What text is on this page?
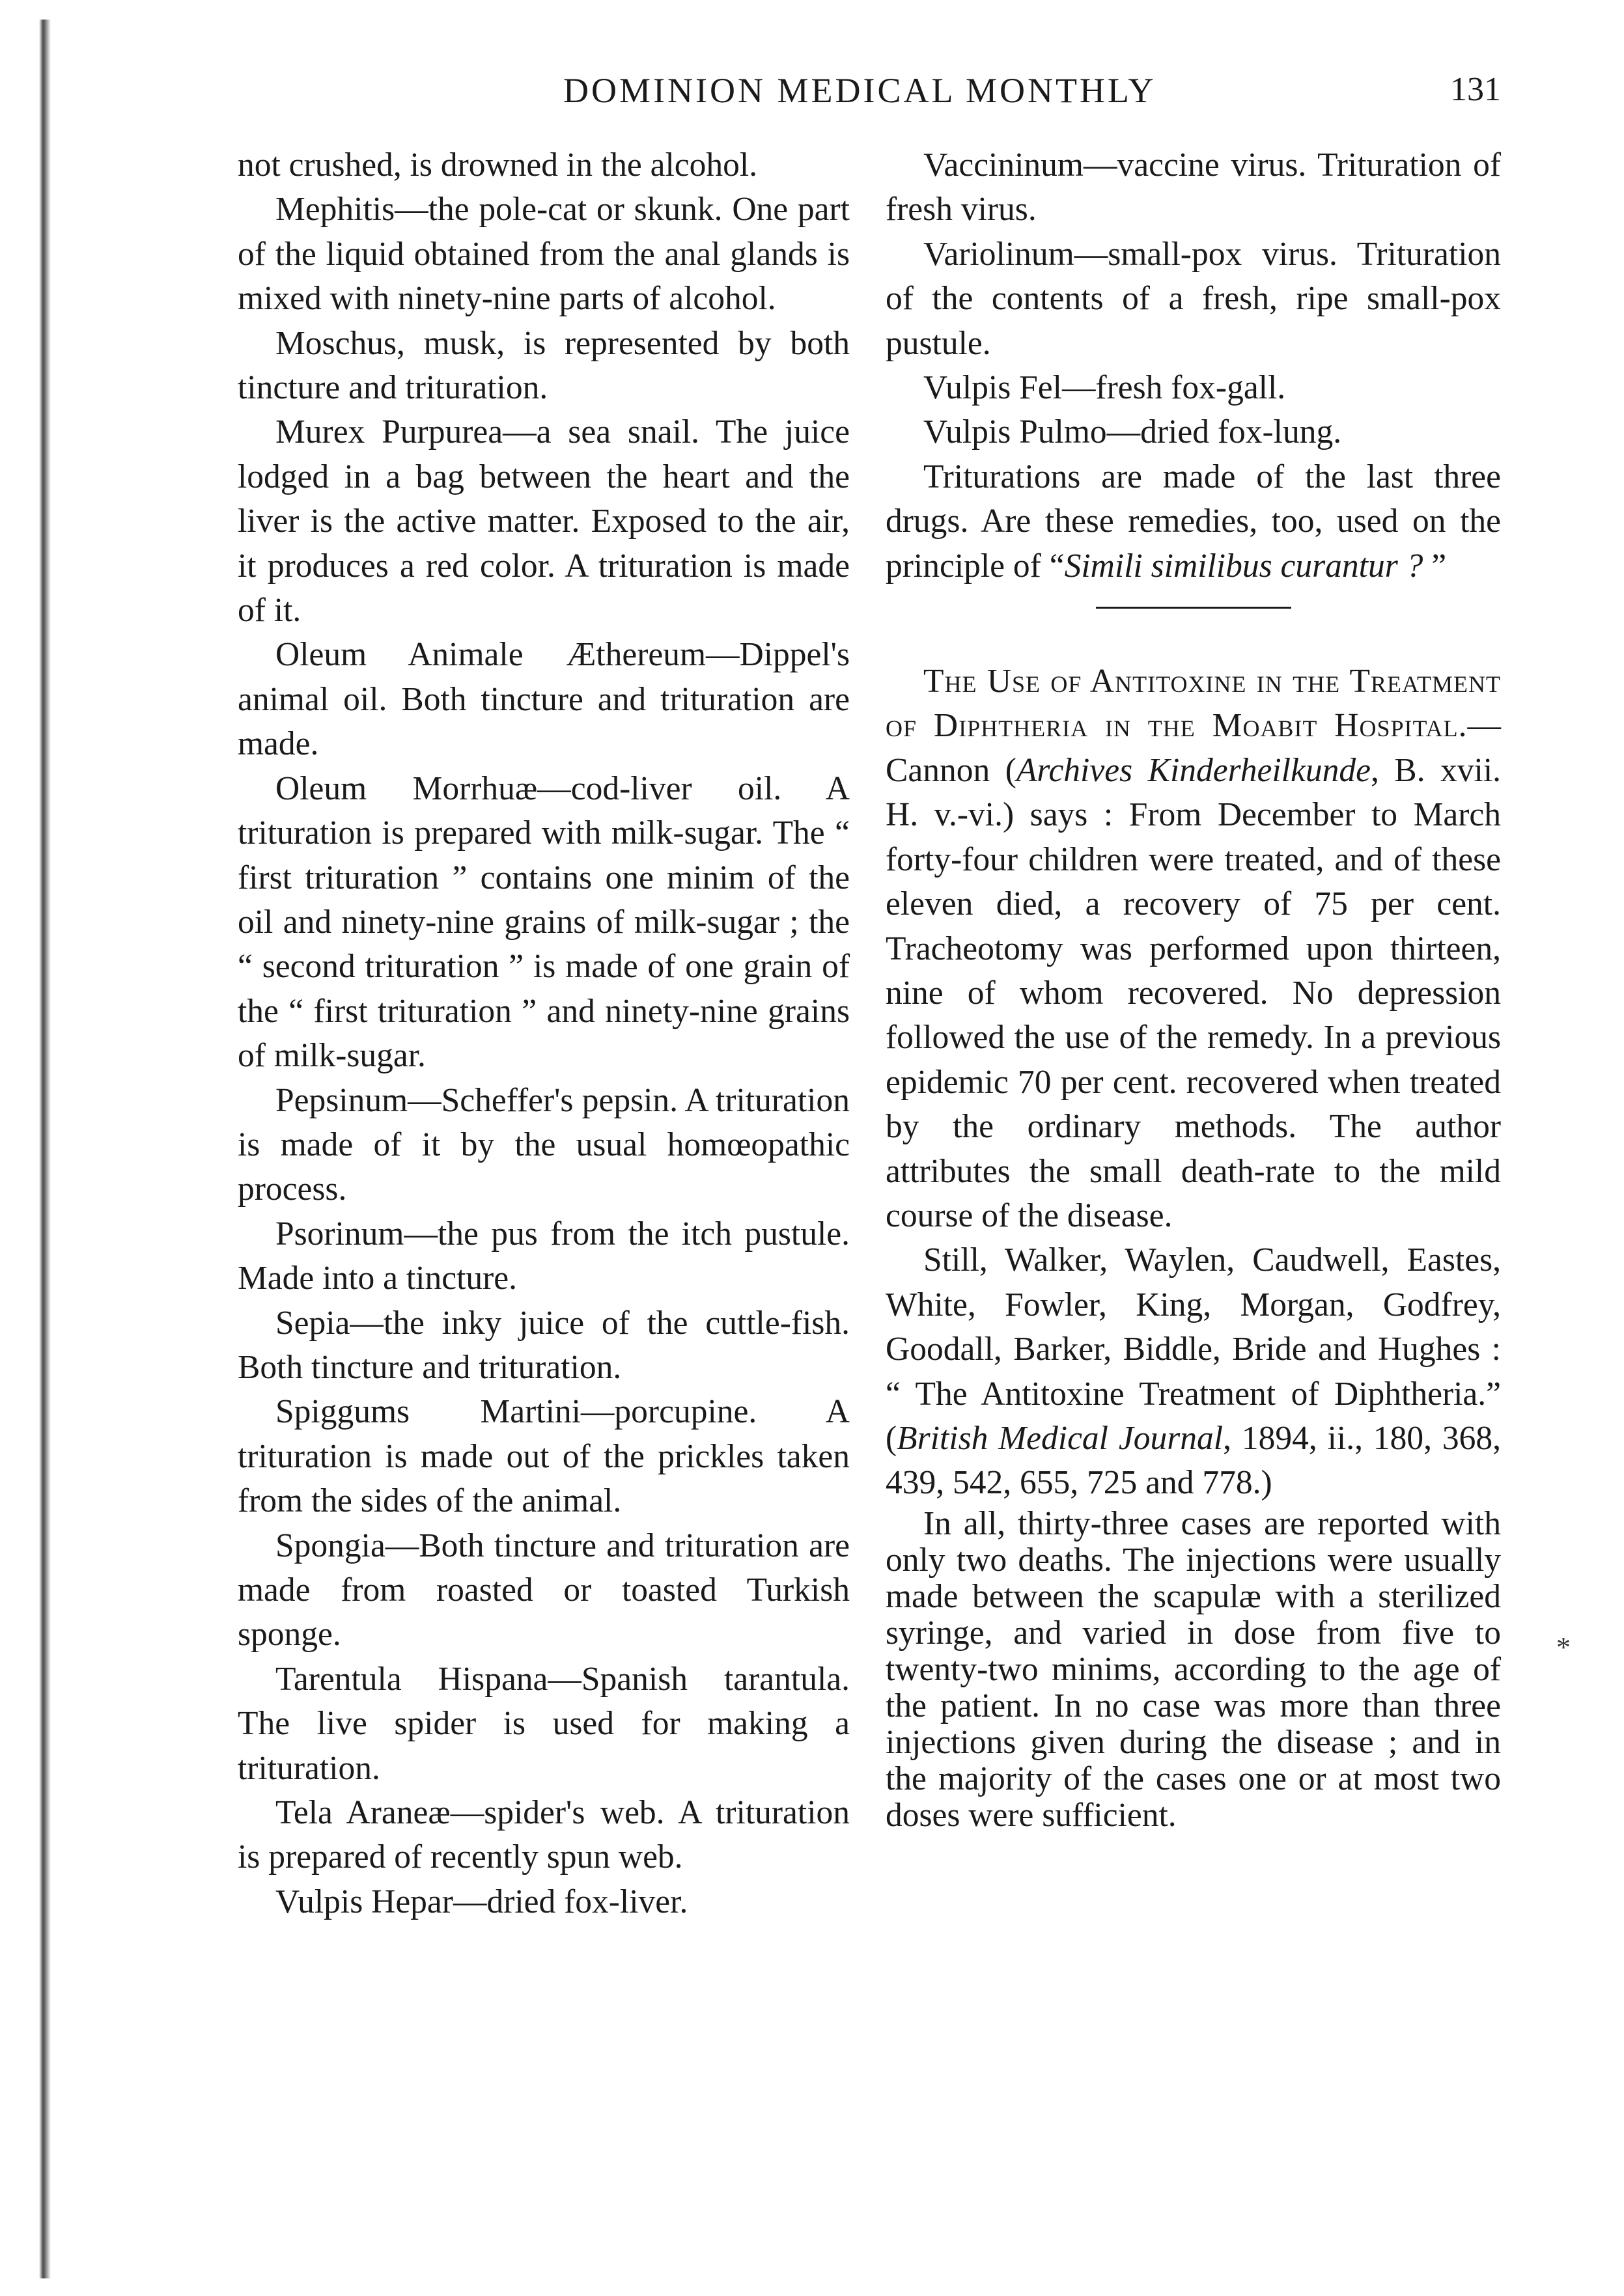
DOMINION MEDICAL MONTHLY	131

not crushed, is drowned in the alcohol.

Mephitis—the pole-cat or skunk. One part of the liquid obtained from the anal glands is mixed with ninety-nine parts of alcohol.

Moschus, musk, is represented by both tincture and trituration.

Murex Purpurea—a sea snail. The juice lodged in a bag between the heart and the liver is the active matter. Exposed to the air, it produces a red color. A trituration is made of it.

Oleum Animale Æthereum—Dippel's animal oil. Both tincture and trituration are made.

Oleum Morrhuæ—cod-liver oil. A trituration is prepared with milk-sugar. The “ first trituration ” contains one minim of the oil and ninety-nine grains of milk-sugar ; the “ second trituration ” is made of one grain of the “ first trituration ” and ninety-nine grains of milk-sugar.

Pepsinum—Scheffer's pepsin. A trituration is made of it by the usual homœopathic process.

Psorinum—the pus from the itch pustule. Made into a tincture.

Sepia—the inky juice of the cuttle-fish. Both tincture and trituration.

Spiggums Martini—porcupine. A trituration is made out of the prickles taken from the sides of the animal.

Spongia—Both tincture and trituration are made from roasted or toasted Turkish sponge.

Tarentula Hispana—Spanish tarantula. The live spider is used for making a trituration.

Tela Araneæ—spider's web. A trituration is prepared of recently spun web.

Vulpis Hepar—dried fox-liver.

Vaccininum—vaccine virus. Trituration of fresh virus.

Variolinum—small-pox virus. Trituration of the contents of a fresh, ripe small-pox pustule.

Vulpis Fel—fresh fox-gall.

Vulpis Pulmo—dried fox-lung.

Triturations are made of the last three drugs. Are these remedies, too, used on the principle of “Simili similibus curantur ? ”

The Use of Antitoxine in the Treatment of Diphtheria in the Moabit Hospital.—Cannon (Archives Kinderheilkunde, B. xvii. H. v.-vi.) says : From December to March forty-four children were treated, and of these eleven died, a recovery of 75 per cent. Tracheotomy was performed upon thirteen, nine of whom recovered. No depression followed the use of the remedy. In a previous epidemic 70 per cent. recovered when treated by the ordinary methods. The author attributes the small death-rate to the mild course of the disease.

Still, Walker, Waylen, Caudwell, Eastes, White, Fowler, King, Morgan, Godfrey, Goodall, Barker, Biddle, Bride and Hughes : “ The Antitoxine Treatment of Diphtheria.” (British Medical Journal, 1894, ii., 180, 368, 439, 542, 655, 725 and 778.)

In all, thirty-three cases are reported with only two deaths. The injections were usually made between the scapulæ with a sterilized syringe, and varied in dose from five to twenty-two minims, according to the age of the patient. In no case was more than three injections given during the disease ; and in the majority of the cases one or at most two doses were sufficient.

*
